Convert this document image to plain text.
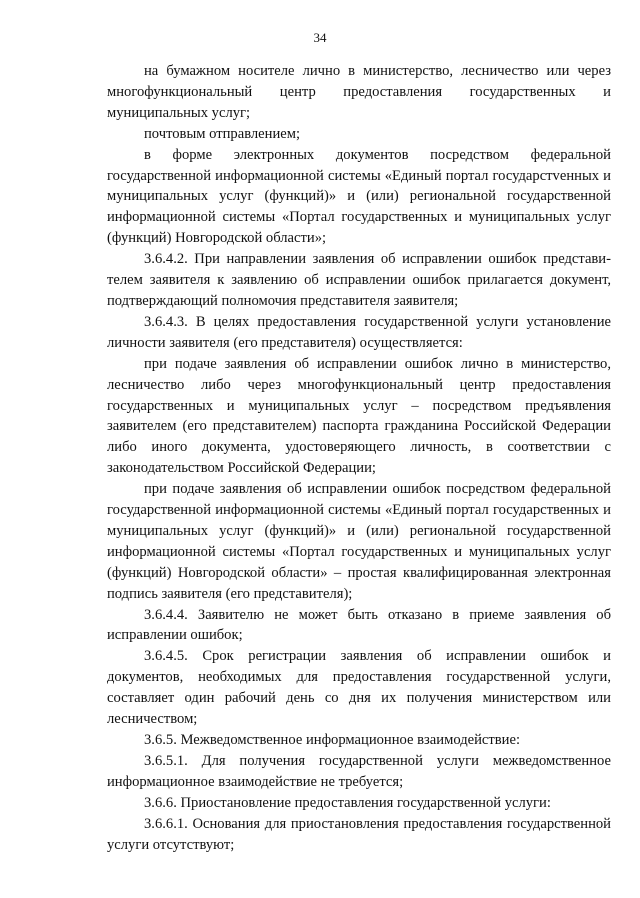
34

на бумажном носителе лично в министерство, лесничество или через многофункциональный центр предоставления государственных и муниципальных услуг;

почтовым отправлением;

в форме электронных документов посредством федеральной государственной информационной системы «Единый портал государстvенных и муниципальных услуг (функций)» и (или) региональной государственной информационной системы «Портал государственных и муниципальных услуг (функций) Новгородской области»;

3.6.4.2. При направлении заявления об исправлении ошибок представителем заявителя к заявлению об исправлении ошибок прилагается документ, подтверждающий полномочия представителя заявителя;

3.6.4.3. В целях предоставления государственной услуги установление личности заявителя (его представителя) осуществляется:

при подаче заявления об исправлении ошибок лично в министерство, лесничество либо через многофункциональный центр предоставления государственных и муниципальных услуг – посредством предъявления заявителем (его представителем) паспорта гражданина Российской Федерации либо иного документа, удостоверяющего личность, в соответствии с законодательством Российской Федерации;

при подаче заявления об исправлении ошибок посредством федеральной государственной информационной системы «Единый портал государственных и муниципальных услуг (функций)» и (или) региональной государственной информационной системы «Портал государственных и муниципальных услуг (функций) Новгородской области» – простая квалифицированная электронная подпись заявителя (его представителя);

3.6.4.4. Заявителю не может быть отказано в приеме заявления об исправлении ошибок;

3.6.4.5. Срок регистрации заявления об исправлении ошибок и документов, необходимых для предоставления государственной услуги, составляет один рабочий день со дня их получения министерством или лесничеством;

3.6.5. Межведомственное информационное взаимодействие:

3.6.5.1. Для получения государственной услуги межведомственное информационное взаимодействие не требуется;

3.6.6. Приостановление предоставления государственной услуги:

3.6.6.1. Основания для приостановления предоставления государственной услуги отсутствуют;
